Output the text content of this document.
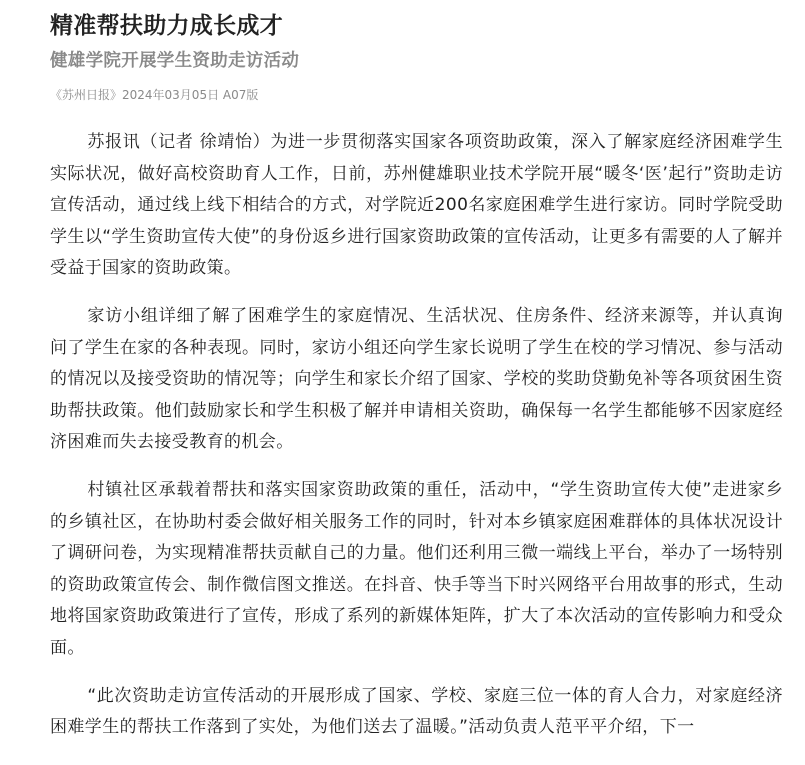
精准帮扶助力成长成才
健雄学院开展学生资助走访活动
《苏州日报》2024年03月05日 A07版

苏报讯（记者 徐靖怡）为进一步贯彻落实国家各项资助政策，深入了解家庭经济困难学生实际状况，做好高校资助育人工作，日前，苏州健雄职业技术学院开展“暖冬‘医’起行”资助走访宣传活动，通过线上线下相结合的方式，对学院近200名家庭困难学生进行家访。同时学院受助学生以“学生资助宣传大使”的身份返乡进行国家资助政策的宣传活动，让更多有需要的人了解并受益于国家的资助政策。

家访小组详细了解了困难学生的家庭情况、生活状况、住房条件、经济来源等，并认真询问了学生在家的各种表现。同时，家访小组还向学生家长说明了学生在校的学习情况、参与活动的情况以及接受资助的情况等；向学生和家长介绍了国家、学校的奖助贷勤免补等各项贫困生资助帮扶政策。他们鼓励家长和学生积极了解并申请相关资助，确保每一名学生都能够不因家庭经济困难而失去接受教育的机会。

村镇社区承载着帮扶和落实国家资助政策的重任，活动中，“学生资助宣传大使”走进家乡的乡镇社区，在协助村委会做好相关服务工作的同时，针对本乡镇家庭困难群体的具体状况设计了调研问卷，为实现精准帮扶贡献自己的力量。他们还利用三微一端线上平台，举办了一场特别的资助政策宣传会、制作微信图文推送。在抖音、快手等当下时兴网络平台用故事的形式，生动地将国家资助政策进行了宣传，形成了系列的新媒体矩阵，扩大了本次活动的宣传影响力和受众面。

“此次资助走访宣传活动的开展形成了国家、学校、家庭三位一体的育人合力，对家庭经济困难学生的帮扶工作落到了实处，为他们送去了温暖。”活动负责人范平平介绍，下一
